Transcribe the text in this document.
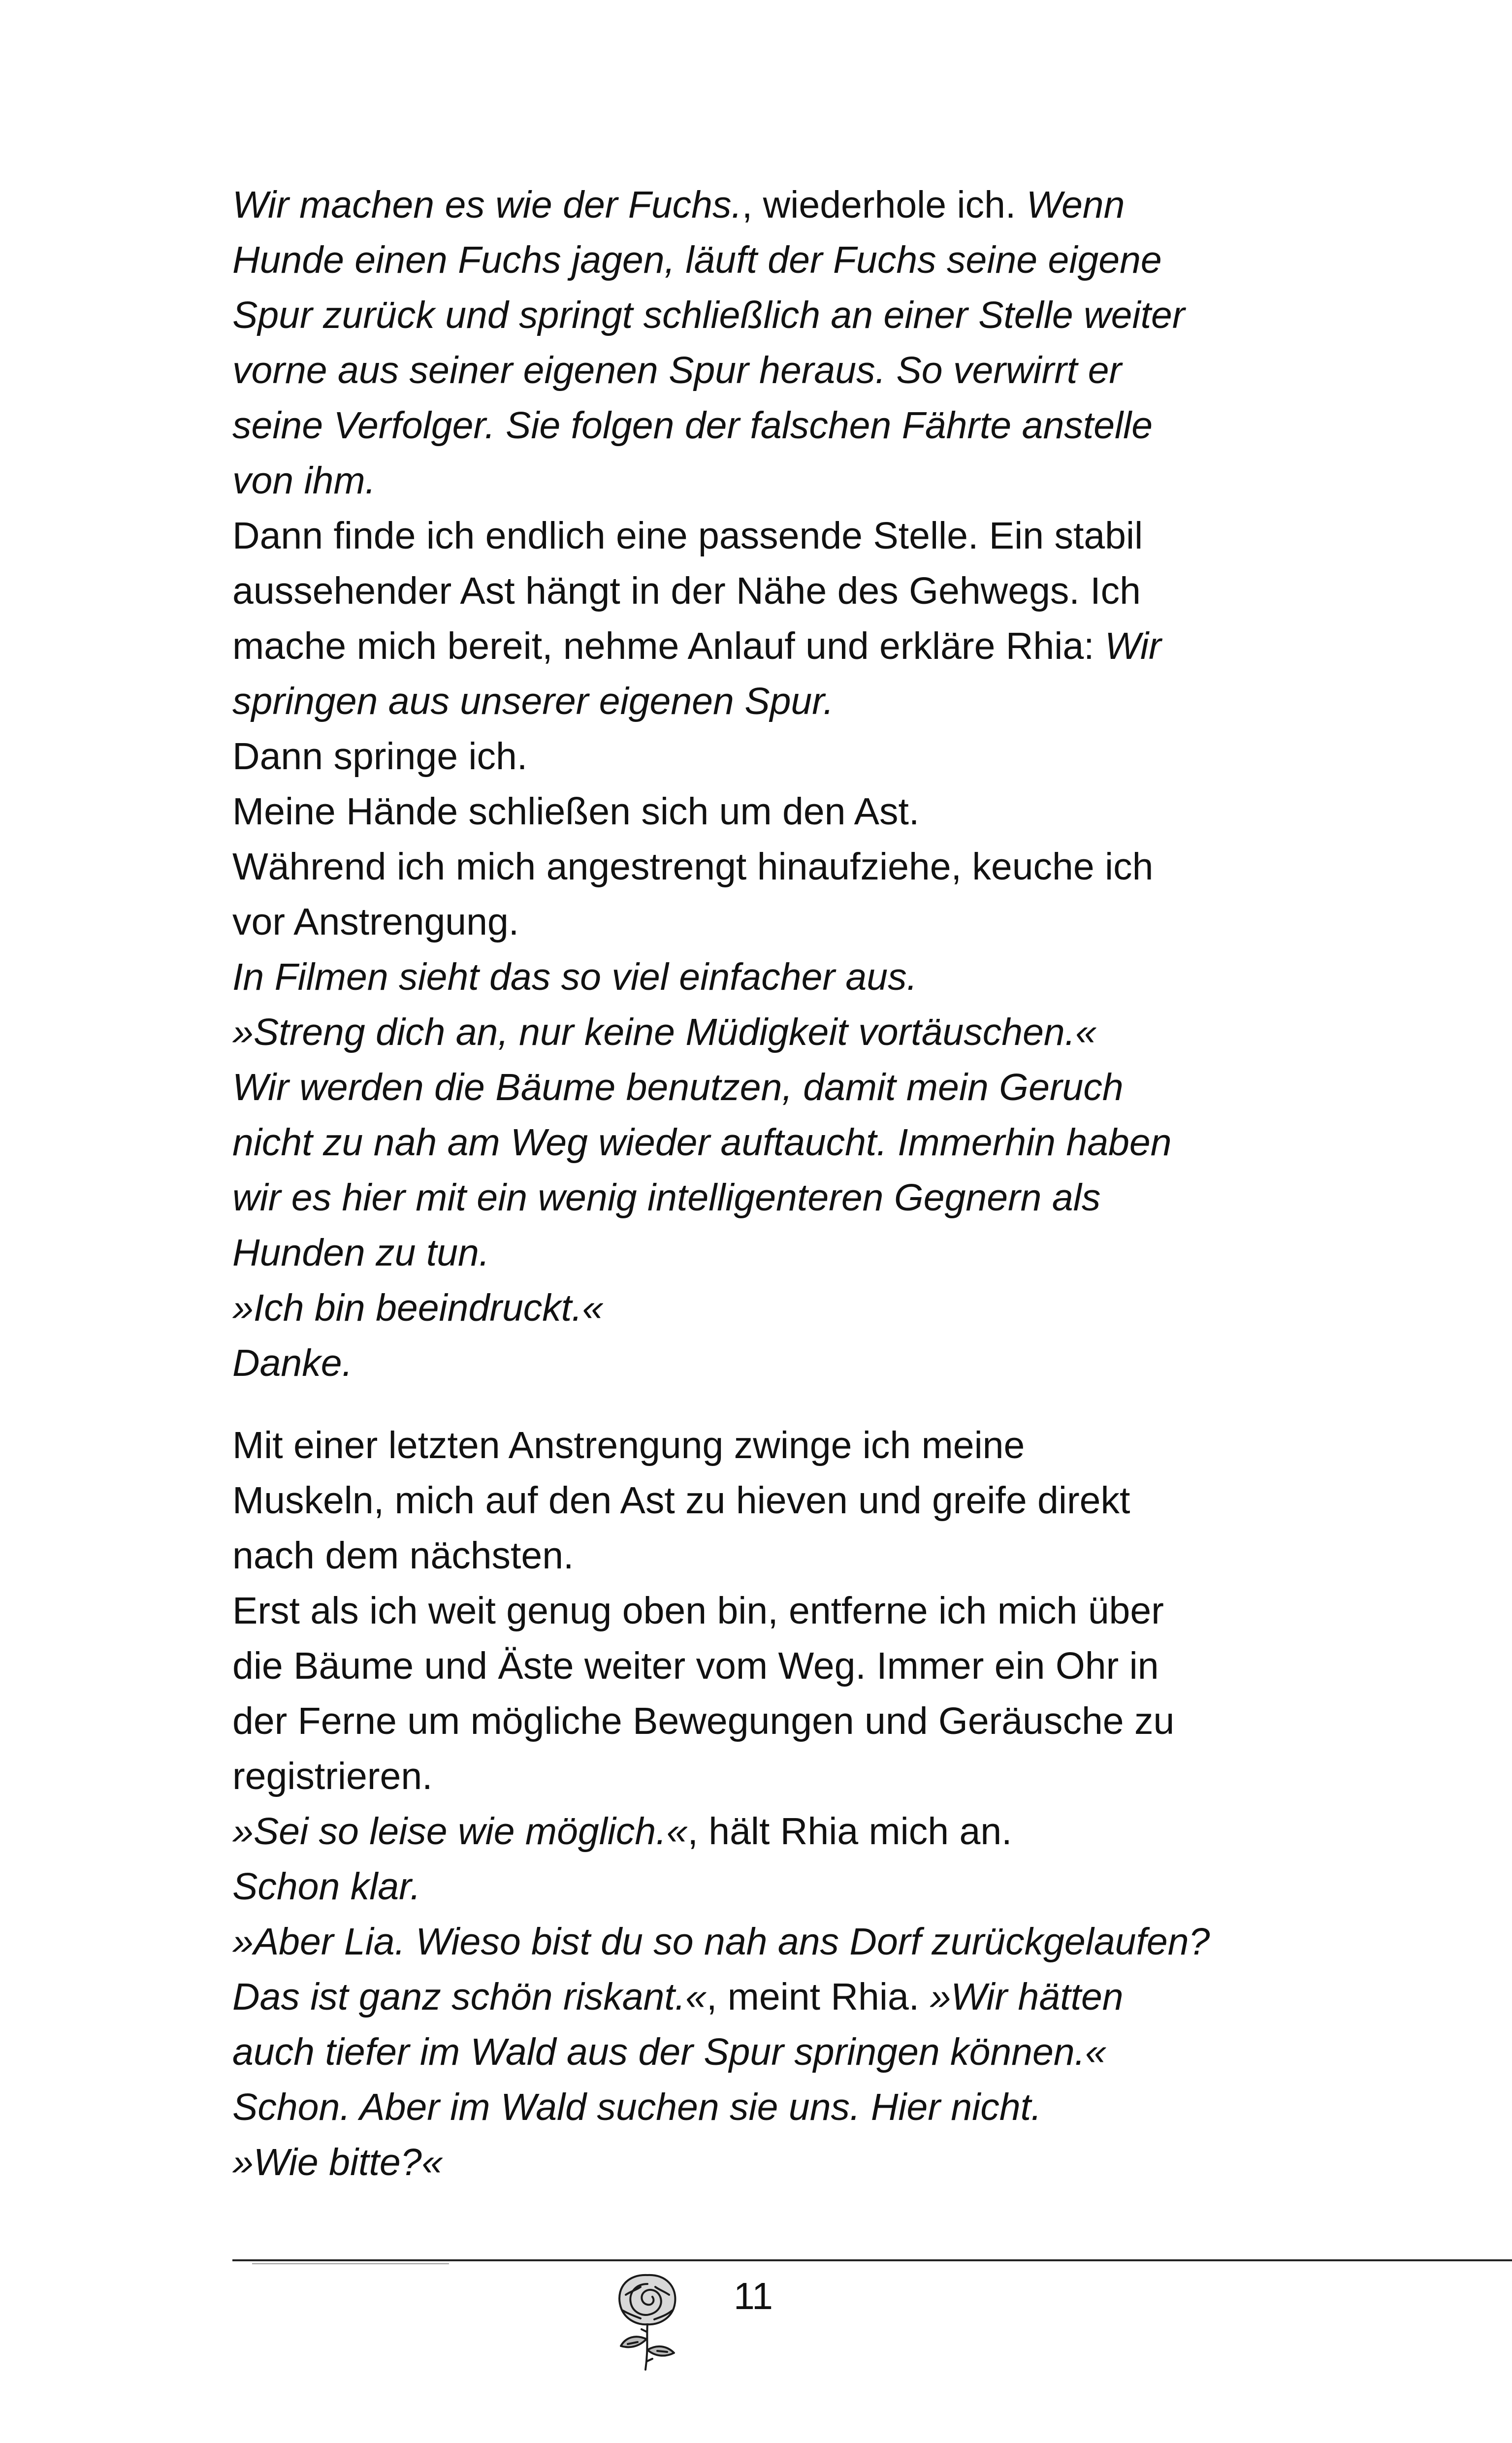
Wir machen es wie der Fuchs., wiederhole ich. Wenn
Hunde einen Fuchs jagen, läuft der Fuchs seine eigene
Spur zurück und springt schließlich an einer Stelle weiter
vorne aus seiner eigenen Spur heraus. So verwirrt er
seine Verfolger. Sie folgen der falschen Fährte anstelle
von ihm.
Dann finde ich endlich eine passende Stelle. Ein stabil
aussehender Ast hängt in der Nähe des Gehwegs. Ich
mache mich bereit, nehme Anlauf und erkläre Rhia: Wir
springen aus unserer eigenen Spur.
Dann springe ich.
Meine Hände schließen sich um den Ast.
Während ich mich angestrengt hinaufziehe, keuche ich
vor Anstrengung.
In Filmen sieht das so viel einfacher aus.
»Streng dich an, nur keine Müdigkeit vortäuschen.«
Wir werden die Bäume benutzen, damit mein Geruch
nicht zu nah am Weg wieder auftaucht. Immerhin haben
wir es hier mit ein wenig intelligenteren Gegnern als
Hunden zu tun.
»Ich bin beeindruckt.«
Danke.
Mit einer letzten Anstrengung zwinge ich meine
Muskeln, mich auf den Ast zu hieven und greife direkt
nach dem nächsten.
Erst als ich weit genug oben bin, entferne ich mich über
die Bäume und Äste weiter vom Weg. Immer ein Ohr in
der Ferne um mögliche Bewegungen und Geräusche zu
registrieren.
»Sei so leise wie möglich.«, hält Rhia mich an.
Schon klar.
»Aber Lia. Wieso bist du so nah ans Dorf zurückgelaufen?
Das ist ganz schön riskant.«, meint Rhia. »Wir hätten
auch tiefer im Wald aus der Spur springen können.«
Schon. Aber im Wald suchen sie uns. Hier nicht.
»Wie bitte?«
11
